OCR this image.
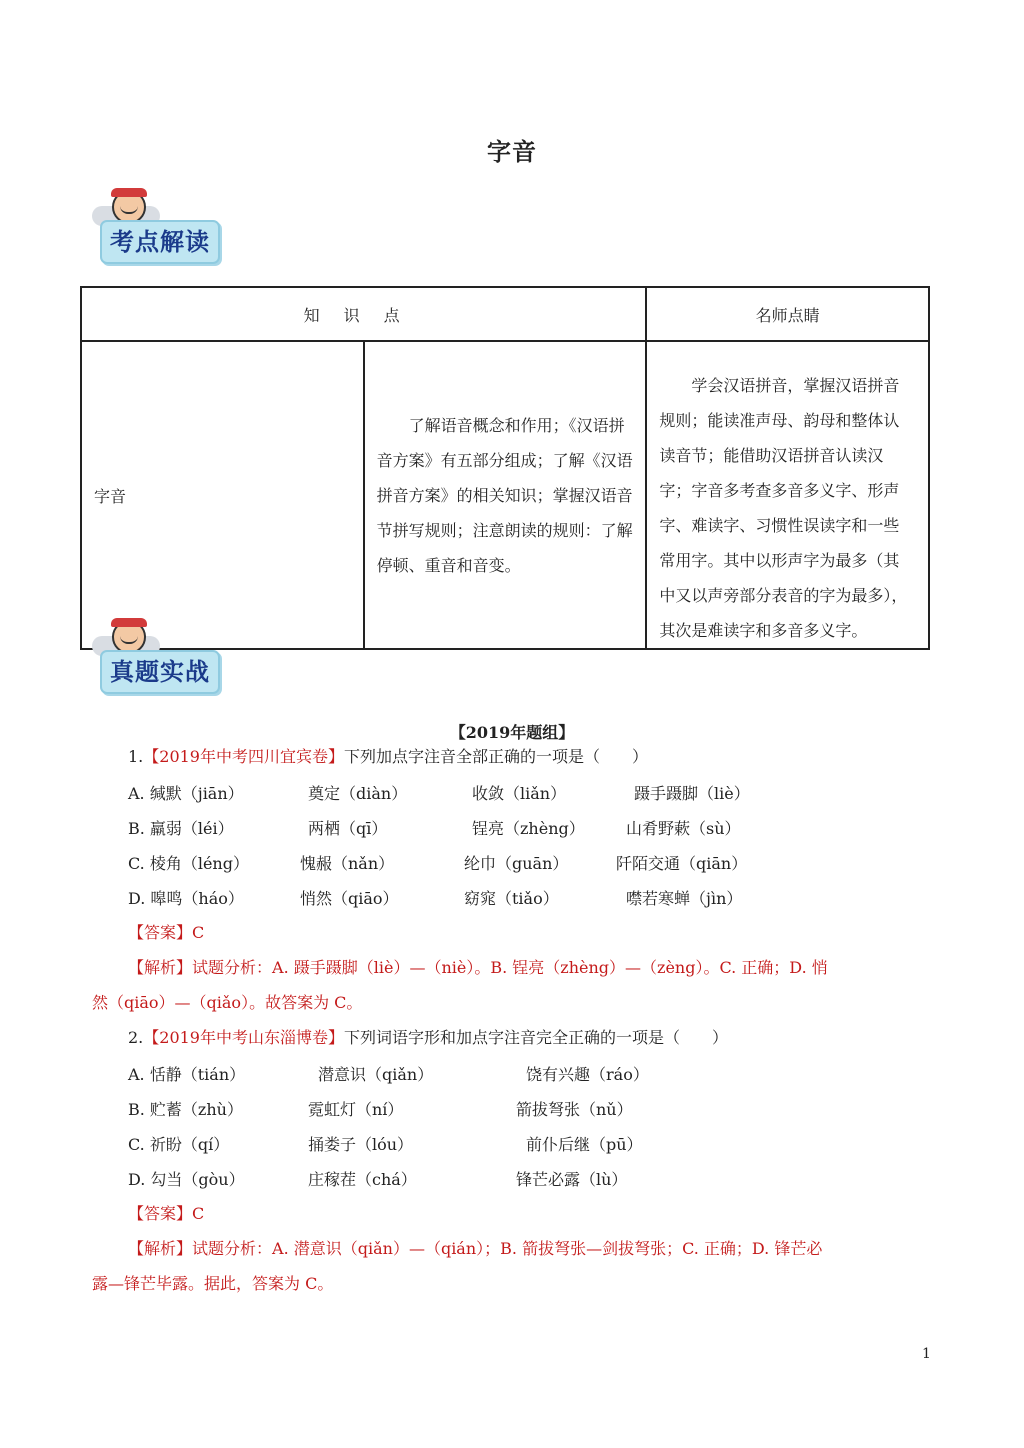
字音
考点解读
知识点		名师点睛
字音	了解语音概念和作用；《汉语拼音方案》有五部分组成；了解《汉语拼音方案》的相关知识；掌握汉语音节拼写规则；注意朗读的规则：了解停顿、重音和音变。	学会汉语拼音，掌握汉语拼音规则；能读准声母、韵母和整体认读音节；能借助汉语拼音认读汉字；字音多考查多音多义字、形声字、难读字、习惯性误读字和一些常用字。其中以形声字为最多（其中又以声旁部分表音的字为最多），其次是难读字和多音多义字。
真题实战
【2019年题组】
1.【2019年中考四川宜宾卷】下列加点字注音全部正确的一项是（　　）
A. 缄默（jiān）	奠定（diàn）	收敛（liǎn）	蹑手蹑脚（liè）
B. 羸弱（léi）	两栖（qī）	锃亮（zhèng）	山肴野蔌（sù）
C. 棱角（léng）	愧赧（nǎn）	纶巾（guān）	阡陌交通（qiān）
D. 嗥鸣（háo）	悄然（qiāo）	窈窕（tiǎo）	噤若寒蝉（jìn）
【答案】C
【解析】试题分析：A. 蹑手蹑脚（liè）—（niè）。B. 锃亮（zhèng）—（zèng）。C. 正确；D. 悄
然（qiāo）—（qiǎo）。故答案为 C。
2.【2019年中考山东淄博卷】下列词语字形和加点字注音完全正确的一项是（　　）
A. 恬静（tián）	潜意识（qiǎn）	饶有兴趣（ráo）
B. 贮蓄（zhù）	霓虹灯（ní）	箭拔弩张（nǔ）
C. 祈盼（qí）	捅娄子（lóu）	前仆后继（pū）
D. 勾当（gòu）	庄稼茬（chá）	锋芒必露（lù）
【答案】C
【解析】试题分析：A. 潜意识（qiǎn）—（qián）；B. 箭拔弩张—剑拔弩张；C. 正确；D. 锋芒必
露—锋芒毕露。据此，答案为 C。
1
